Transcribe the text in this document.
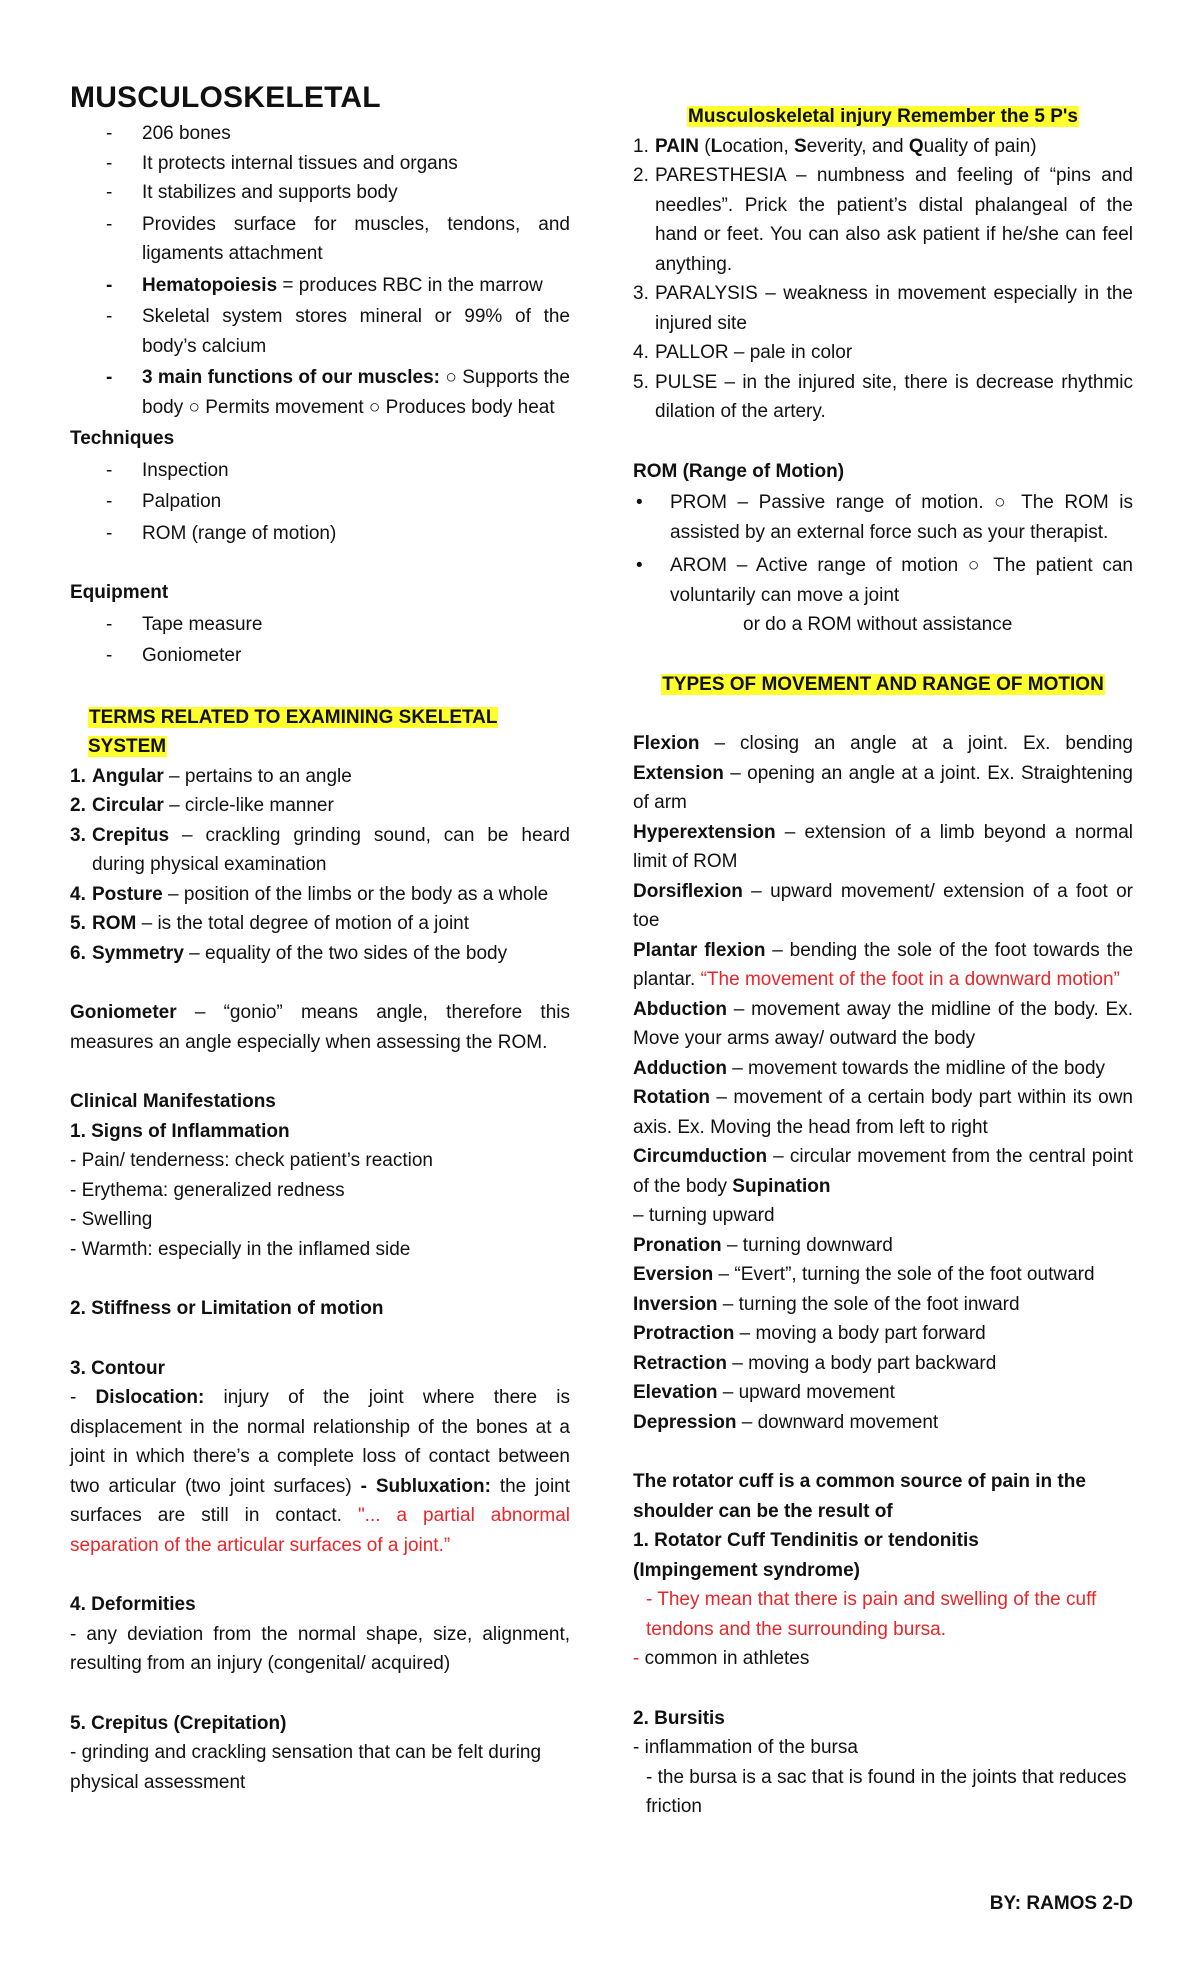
MUSCULOSKELETAL
- 206 bones
- It protects internal tissues and organs
- It stabilizes and supports body
- Provides surface for muscles, tendons, and ligaments attachment
- Hematopoiesis = produces RBC in the marrow
- Skeletal system stores mineral or 99% of the body’s calcium
- 3 main functions of our muscles: ○ Supports the body ○ Permits movement ○ Produces body heat
Techniques
- Inspection
- Palpation
- ROM (range of motion)
Equipment
- Tape measure
- Goniometer
TERMS RELATED TO EXAMINING SKELETAL SYSTEM
1. Angular – pertains to an angle
2. Circular – circle-like manner
3. Crepitus – crackling grinding sound, can be heard during physical examination
4. Posture – position of the limbs or the body as a whole
5. ROM – is the total degree of motion of a joint
6. Symmetry – equality of the two sides of the body
Goniometer – “gonio” means angle, therefore this measures an angle especially when assessing the ROM.
Clinical Manifestations
1. Signs of Inflammation
- Pain/ tenderness: check patient’s reaction
- Erythema: generalized redness
- Swelling
- Warmth: especially in the inflamed side
2. Stiffness or Limitation of motion
3. Contour
- Dislocation: injury of the joint where there is displacement in the normal relationship of the bones at a joint in which there’s a complete loss of contact between two articular (two joint surfaces) - Subluxation: the joint surfaces are still in contact. "... a partial abnormal separation of the articular surfaces of a joint.”
4. Deformities
- any deviation from the normal shape, size, alignment, resulting from an injury (congenital/ acquired)
5. Crepitus (Crepitation)
- grinding and crackling sensation that can be felt during physical assessment
Musculoskeletal injury Remember the 5 P's
1. PAIN (Location, Severity, and Quality of pain)
2. PARESTHESIA – numbness and feeling of “pins and needles”. Prick the patient’s distal phalangeal of the hand or feet. You can also ask patient if he/she can feel anything.
3. PARALYSIS – weakness in movement especially in the injured site
4. PALLOR – pale in color
5. PULSE – in the injured site, there is decrease rhythmic dilation of the artery.
ROM (Range of Motion)
• PROM – Passive range of motion. ○ The ROM is assisted by an external force such as your therapist.
• AROM – Active range of motion ○ The patient can voluntarily can move a joint
or do a ROM without assistance
TYPES OF MOVEMENT AND RANGE OF MOTION
Flexion – closing an angle at a joint. Ex. bending Extension – opening an angle at a joint. Ex. Straightening of arm
Hyperextension – extension of a limb beyond a normal limit of ROM
Dorsiflexion – upward movement/ extension of a foot or toe
Plantar flexion – bending the sole of the foot towards the plantar. “The movement of the foot in a downward motion”
Abduction – movement away the midline of the body. Ex. Move your arms away/ outward the body
Adduction – movement towards the midline of the body
Rotation – movement of a certain body part within its own axis. Ex. Moving the head from left to right
Circumduction – circular movement from the central point of the body Supination
– turning upward
Pronation – turning downward
Eversion – “Evert”, turning the sole of the foot outward
Inversion – turning the sole of the foot inward
Protraction – moving a body part forward
Retraction – moving a body part backward
Elevation – upward movement
Depression – downward movement
The rotator cuff is a common source of pain in the shoulder can be the result of
1. Rotator Cuff Tendinitis or tendonitis
(Impingement syndrome)
- They mean that there is pain and swelling of the cuff tendons and the surrounding bursa.
- common in athletes
2. Bursitis
- inflammation of the bursa
- the bursa is a sac that is found in the joints that reduces friction
BY: RAMOS 2-D
